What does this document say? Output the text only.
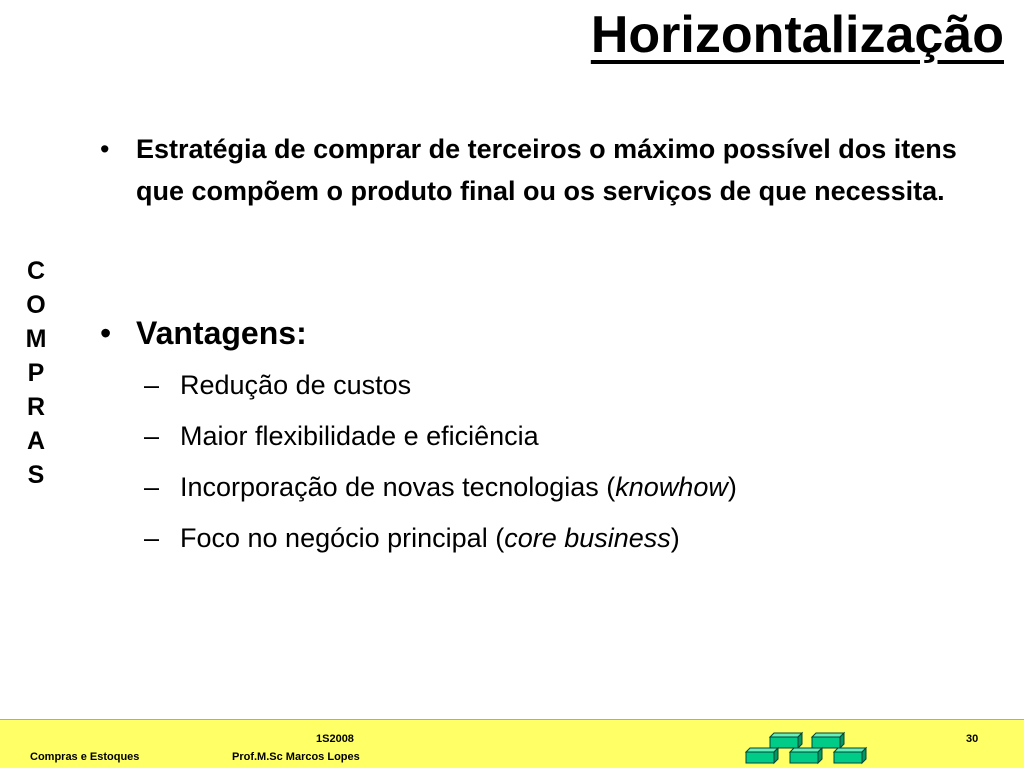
Horizontalização
C
O
M
P
R
A
S
• Estratégia de comprar de terceiros o máximo possível dos itens que compõem o produto final ou os serviços de que necessita.
• Vantagens:
– Redução de custos
– Maior flexibilidade e eficiência
– Incorporação de novas tecnologias (knowhow)
– Foco no negócio principal (core business)
Compras e Estoques
1S2008
Prof.M.Sc Marcos Lopes
30
